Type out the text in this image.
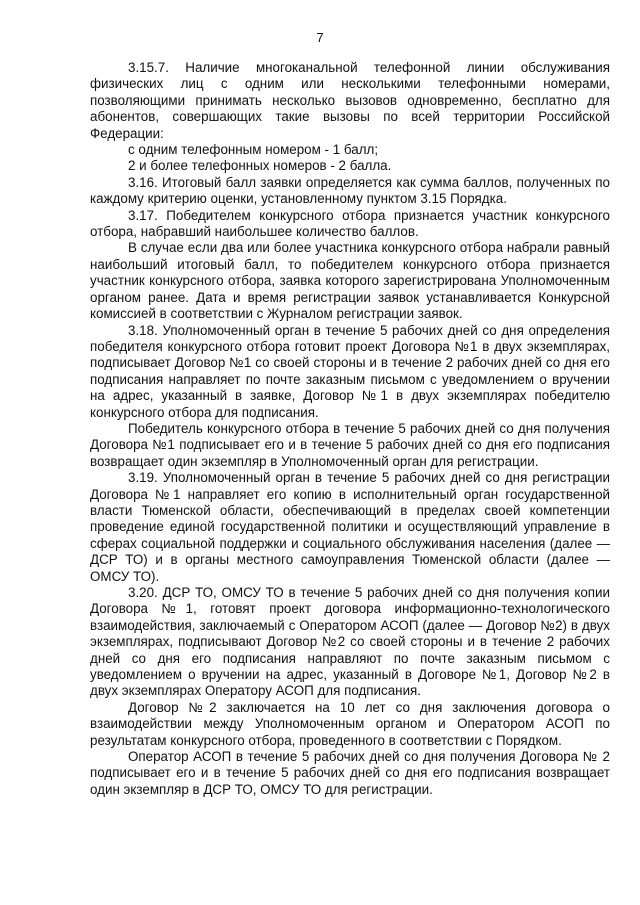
7

3.15.7. Наличие многоканальной телефонной линии обслуживания физических лиц с одним или несколькими телефонными номерами, позволяющими принимать несколько вызовов одновременно, бесплатно для абонентов, совершающих такие вызовы по всей территории Российской Федерации:

с одним телефонным номером - 1 балл;

2 и более телефонных номеров - 2 балла.

3.16. Итоговый балл заявки определяется как сумма баллов, полученных по каждому критерию оценки, установленному пунктом 3.15 Порядка.

3.17. Победителем конкурсного отбора признается участник конкурсного отбора, набравший наибольшее количество баллов.

В случае если два или более участника конкурсного отбора набрали равный наибольший итоговый балл, то победителем конкурсного отбора признается участник конкурсного отбора, заявка которого зарегистрирована Уполномоченным органом ранее. Дата и время регистрации заявок устанавливается Конкурсной комиссией в соответствии с Журналом регистрации заявок.

3.18. Уполномоченный орган в течение 5 рабочих дней со дня определения победителя конкурсного отбора готовит проект Договора №1 в двух экземплярах, подписывает Договор №1 со своей стороны и в течение 2 рабочих дней со дня его подписания направляет по почте заказным письмом с уведомлением о вручении на адрес, указанный в заявке, Договор №1 в двух экземплярах победителю конкурсного отбора для подписания.

Победитель конкурсного отбора в течение 5 рабочих дней со дня получения Договора №1 подписывает его и в течение 5 рабочих дней со дня его подписания возвращает один экземпляр в Уполномоченный орган для регистрации.

3.19. Уполномоченный орган в течение 5 рабочих дней со дня регистрации Договора №1 направляет его копию в исполнительный орган государственной власти Тюменской области, обеспечивающий в пределах своей компетенции проведение единой государственной политики и осуществляющий управление в сферах социальной поддержки и социального обслуживания населения (далее — ДСР ТО) и в органы местного самоуправления Тюменской области (далее — ОМСУ ТО).

3.20. ДСР ТО, ОМСУ ТО в течение 5 рабочих дней со дня получения копии Договора №1, готовят проект договора информационно-технологического взаимодействия, заключаемый с Оператором АСОП (далее — Договор №2) в двух экземплярах, подписывают Договор №2 со своей стороны и в течение 2 рабочих дней со дня его подписания направляют по почте заказным письмом с уведомлением о вручении на адрес, указанный в Договоре №1, Договор №2 в двух экземплярах Оператору АСОП для подписания.

Договор №2 заключается на 10 лет со дня заключения договора о взаимодействии между Уполномоченным органом и Оператором АСОП по результатам конкурсного отбора, проведенного в соответствии с Порядком.

Оператор АСОП в течение 5 рабочих дней со дня получения Договора № 2 подписывает его и в течение 5 рабочих дней со дня его подписания возвращает один экземпляр в ДСР ТО, ОМСУ ТО для регистрации.
